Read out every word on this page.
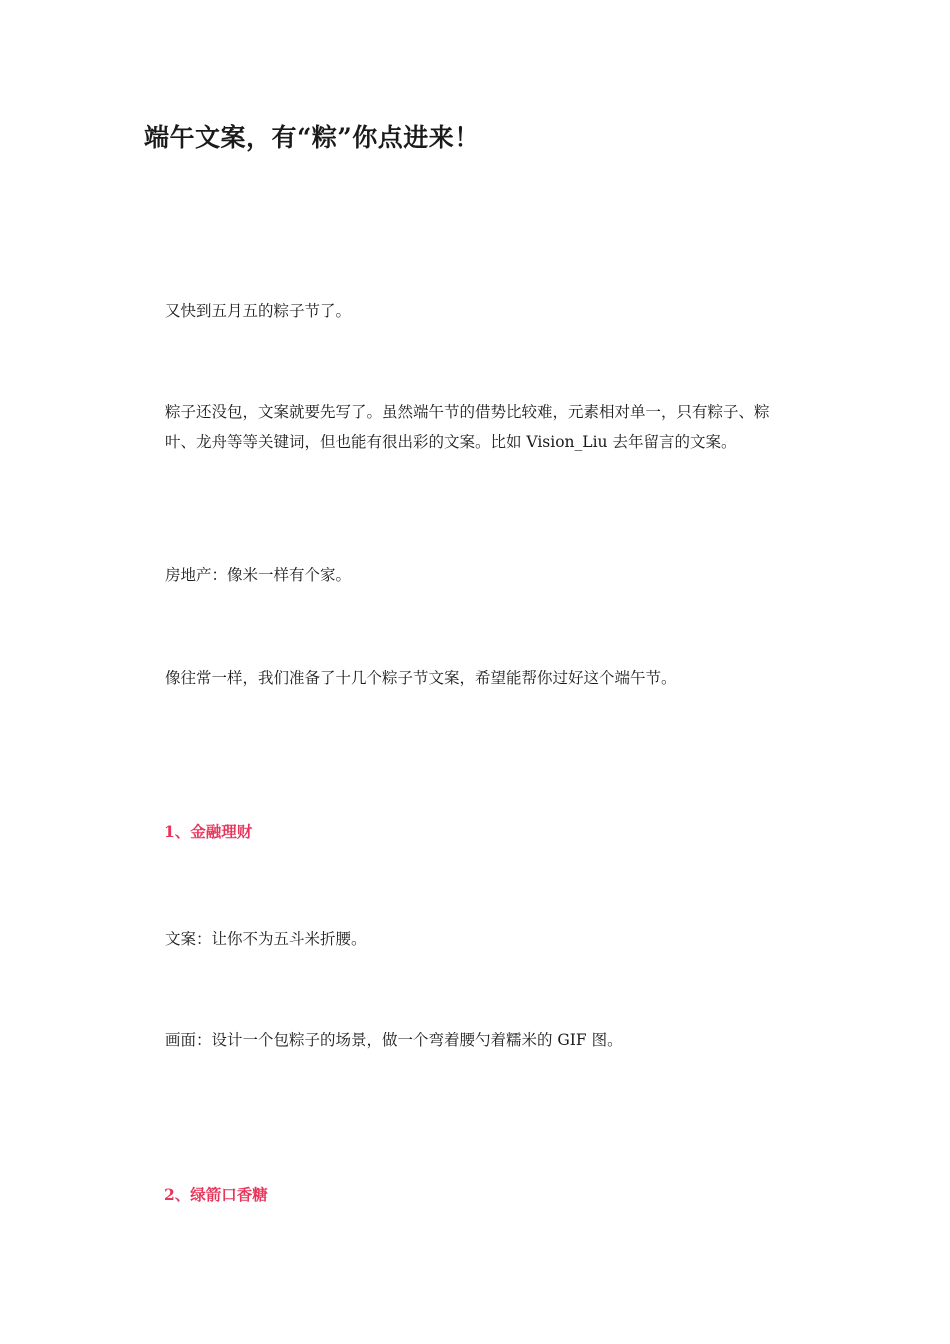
端午文案，有“粽”你点进来！

又快到五月五的粽子节了。

粽子还没包，文案就要先写了。虽然端午节的借势比较难，元素相对单一，只有粽子、粽叶、龙舟等等关键词，但也能有很出彩的文案。比如 Vision_Liu 去年留言的文案。

房地产：像米一样有个家。

像往常一样，我们准备了十几个粽子节文案，希望能帮你过好这个端午节。

1、金融理财

文案：让你不为五斗米折腰。

画面：设计一个包粽子的场景，做一个弯着腰勺着糯米的 GIF 图。

2、绿箭口香糖
